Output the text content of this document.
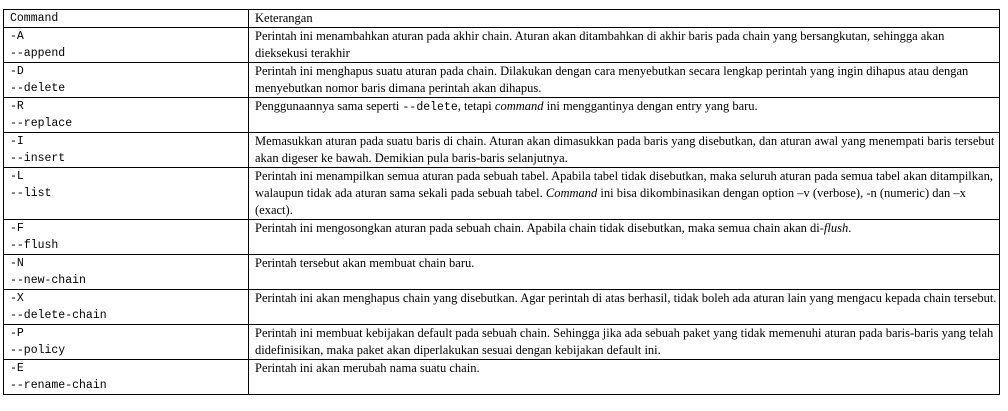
Command	Keterangan

-A
--append	Perintah ini menambahkan aturan pada akhir chain. Aturan akan ditambahkan di akhir baris pada chain yang bersangkutan, sehingga akan dieksekusi terakhir

-D
--delete	Perintah ini menghapus suatu aturan pada chain. Dilakukan dengan cara menyebutkan secara lengkap perintah yang ingin dihapus atau dengan menyebutkan nomor baris dimana perintah akan dihapus.

-R
--replace	Penggunaannya sama seperti --delete, tetapi command ini menggantinya dengan entry yang baru.

-I
--insert	Memasukkan aturan pada suatu baris di chain. Aturan akan dimasukkan pada baris yang disebutkan, dan aturan awal yang menempati baris tersebut akan digeser ke bawah. Demikian pula baris-baris selanjutnya.

-L
--list	Perintah ini menampilkan semua aturan pada sebuah tabel. Apabila tabel tidak disebutkan, maka seluruh aturan pada semua tabel akan ditampilkan, walaupun tidak ada aturan sama sekali pada sebuah tabel. Command ini bisa dikombinasikan dengan option –v (verbose), -n (numeric) dan –x (exact).

-F
--flush	Perintah ini mengosongkan aturan pada sebuah chain. Apabila chain tidak disebutkan, maka semua chain akan di-flush.

-N
--new-chain	Perintah tersebut akan membuat chain baru.

-X
--delete-chain	Perintah ini akan menghapus chain yang disebutkan. Agar perintah di atas berhasil, tidak boleh ada aturan lain yang mengacu kepada chain tersebut.

-P
--policy	Perintah ini membuat kebijakan default pada sebuah chain. Sehingga jika ada sebuah paket yang tidak memenuhi aturan pada baris-baris yang telah didefinisikan, maka paket akan diperlakukan sesuai dengan kebijakan default ini.

-E
--rename-chain	Perintah ini akan merubah nama suatu chain.
